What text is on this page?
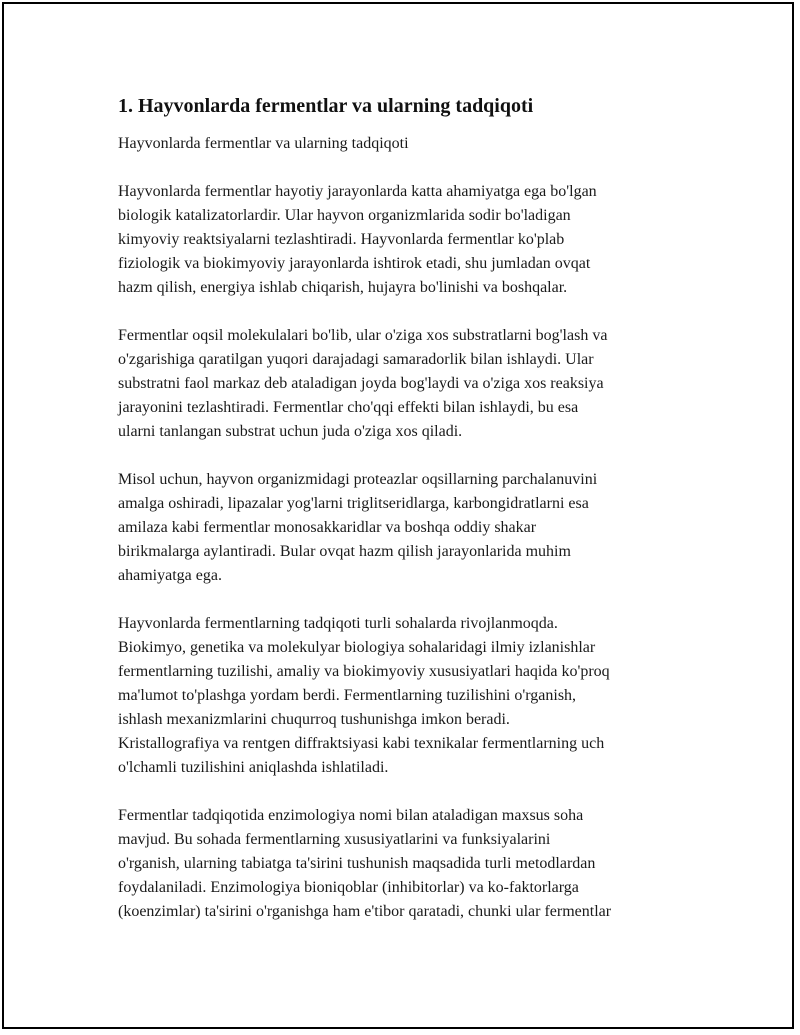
1. Hayvonlarda fermentlar va ularning tadqiqoti
Hayvonlarda fermentlar va ularning tadqiqoti
Hayvonlarda fermentlar hayotiy jarayonlarda katta ahamiyatga ega bo'lgan
biologik katalizatorlardir. Ular hayvon organizmlarida sodir bo'ladigan
kimyoviy reaktsiyalarni tezlashtiradi. Hayvonlarda fermentlar ko'plab
fiziologik va biokimyoviy jarayonlarda ishtirok etadi, shu jumladan ovqat
hazm qilish, energiya ishlab chiqarish, hujayra bo'linishi va boshqalar.
Fermentlar oqsil molekulalari bo'lib, ular o'ziga xos substratlarni bog'lash va
o'zgarishiga qaratilgan yuqori darajadagi samaradorlik bilan ishlaydi. Ular
substratni faol markaz deb ataladigan joyda bog'laydi va o'ziga xos reaksiya
jarayonini tezlashtiradi. Fermentlar cho'qqi effekti bilan ishlaydi, bu esa
ularni tanlangan substrat uchun juda o'ziga xos qiladi.
Misol uchun, hayvon organizmidagi proteazlar oqsillarning parchalanuvini
amalga oshiradi, lipazalar yog'larni triglitseridlarga, karbongidratlarni esa
amilaza kabi fermentlar monosakkaridlar va boshqa oddiy shakar
birikmalarga aylantiradi. Bular ovqat hazm qilish jarayonlarida muhim
ahamiyatga ega.
Hayvonlarda fermentlarning tadqiqoti turli sohalarda rivojlanmoqda.
Biokimyo, genetika va molekulyar biologiya sohalaridagi ilmiy izlanishlar
fermentlarning tuzilishi, amaliy va biokimyoviy xususiyatlari haqida ko'proq
ma'lumot to'plashga yordam berdi. Fermentlarning tuzilishini o'rganish,
ishlash mexanizmlarini chuqurroq tushunishga imkon beradi.
Kristallografiya va rentgen diffraktsiyasi kabi texnikalar fermentlarning uch
o'lchamli tuzilishini aniqlashda ishlatiladi.
Fermentlar tadqiqotida enzimologiya nomi bilan ataladigan maxsus soha
mavjud. Bu sohada fermentlarning xususiyatlarini va funksiyalarini
o'rganish, ularning tabiatga ta'sirini tushunish maqsadida turli metodlardan
foydalaniladi. Enzimologiya bioniqoblar (inhibitorlar) va ko-faktorlarga
(koenzimlar) ta'sirini o'rganishga ham e'tibor qaratadi, chunki ular fermentlar
